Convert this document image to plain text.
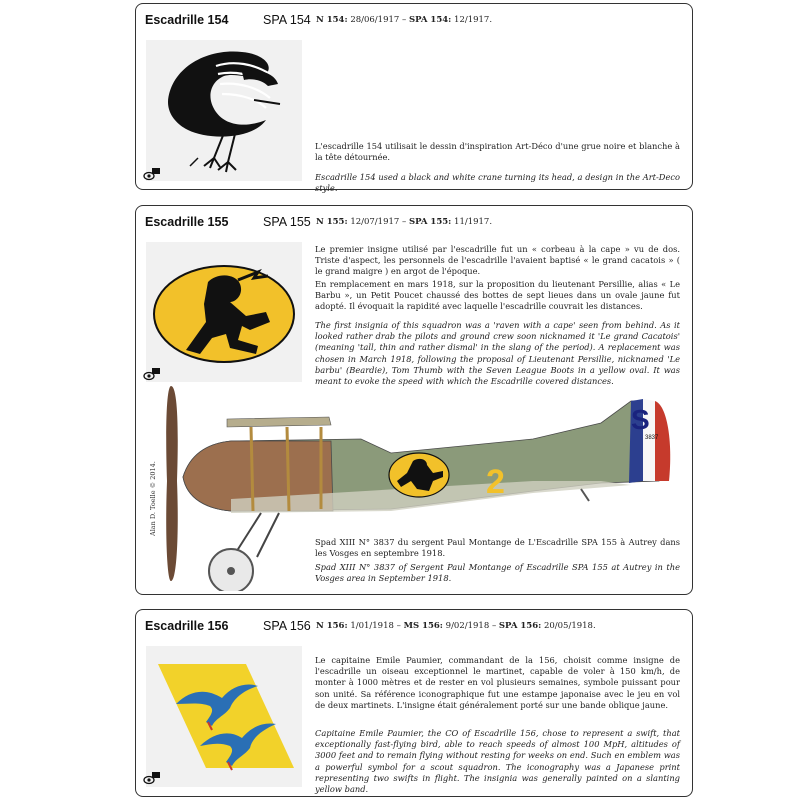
Escadrille 154	SPA 154 N 154: 28/06/1917 – SPA 154: 12/1917.

L'escadrille 154 utilisait le dessin d'inspiration Art-Déco d'une grue noire et blanche à la tête détournée.

Escadrille 154 used a black and white crane turning its head, a design in the Art-Deco style.

Escadrille 155	SPA 155 N 155: 12/07/1917 – SPA 155: 11/1917.

Le premier insigne utilisé par l'escadrille fut un « corbeau à la cape » vu de dos. Triste d'aspect, les personnels de l'escadrille l'avaient baptisé « le grand cacatois » ( le grand maigre ) en argot de l'époque.

En remplacement en mars 1918, sur la proposition du lieutenant Persillie, alias « Le Barbu », un Petit Poucet chaussé des bottes de sept lieues dans un ovale jaune fut adopté. Il évoquait la rapidité avec laquelle l'escadrille couvrait les distances.

The first insignia of this squadron was a 'raven with a cape' seen from behind. As it looked rather drab the pilots and ground crew soon nicknamed it 'Le grand Cacatois' (meaning 'tall, thin and rather dismal' in the slang of the period). A replacement was chosen in March 1918, following the proposal of Lieutenant Persillie, nicknamed 'Le barbu' (Beardie), Tom Thumb with the Seven League Boots in a yellow oval. It was meant to evoke the speed with which the Escadrille covered distances.

S
3837
2
Alan D. Toelle © 2014.

Spad XIII N° 3837 du sergent Paul Montange de L'Escadrille SPA 155 à Autrey dans les Vosges en septembre 1918.

Spad XIII N° 3837 of Sergent Paul Montange of Escadrille SPA 155 at Autrey in the Vosges area in September 1918.

Escadrille 156	SPA 156 N 156: 1/01/1918 – MS 156: 9/02/1918 – SPA 156: 20/05/1918.

Le capitaine Emile Paumier, commandant de la 156, choisit comme insigne de l'escadrille un oiseau exceptionnel le martinet, capable de voler à 150 km/h, de monter à 1000 mètres et de rester en vol plusieurs semaines, symbole puissant pour son unité. Sa référence iconographique fut une estampe japonaise avec le jeu en vol de deux martinets. L'insigne était généralement porté sur une bande oblique jaune.

Capitaine Emile Paumier, the CO of Escadrille 156, chose to represent a swift, that exceptionally fast-flying bird, able to reach speeds of almost 100 MpH, altitudes of 3000 feet and to remain flying without resting for weeks on end. Such en emblem was a powerful symbol for a scout squadron. The iconography was a Japanese print representing two swifts in flight. The insignia was generally painted on a slanting yellow band.
